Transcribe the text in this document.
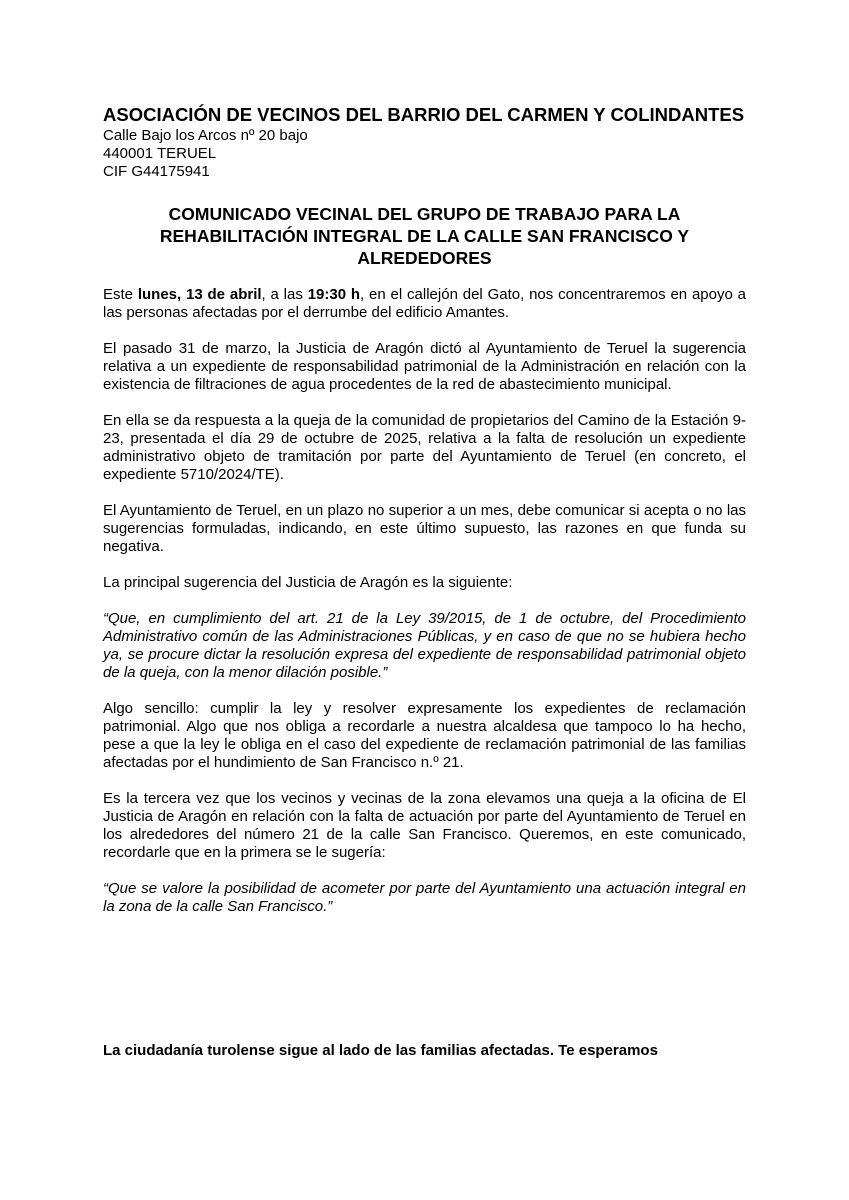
ASOCIACIÓN DE VECINOS DEL BARRIO DEL CARMEN Y COLINDANTES
Calle Bajo los Arcos nº 20 bajo
440001 TERUEL
CIF G44175941
COMUNICADO VECINAL DEL GRUPO DE TRABAJO PARA LA REHABILITACIÓN INTEGRAL DE LA CALLE SAN FRANCISCO Y ALREDEDORES

Este lunes, 13 de abril, a las 19:30 h, en el callejón del Gato, nos concentraremos en apoyo a las personas afectadas por el derrumbe del edificio Amantes.

El pasado 31 de marzo, la Justicia de Aragón dictó al Ayuntamiento de Teruel la sugerencia relativa a un expediente de responsabilidad patrimonial de la Administración en relación con la existencia de filtraciones de agua procedentes de la red de abastecimiento municipal.

En ella se da respuesta a la queja de la comunidad de propietarios del Camino de la Estación 9-23, presentada el día 29 de octubre de 2025, relativa a la falta de resolución un expediente administrativo objeto de tramitación por parte del Ayuntamiento de Teruel (en concreto, el expediente 5710/2024/TE).

El Ayuntamiento de Teruel, en un plazo no superior a un mes, debe comunicar si acepta o no las sugerencias formuladas, indicando, en este último supuesto, las razones en que funda su negativa.

La principal sugerencia del Justicia de Aragón es la siguiente:

“Que, en cumplimiento del art. 21 de la Ley 39/2015, de 1 de octubre, del Procedimiento Administrativo común de las Administraciones Públicas, y en caso de que no se hubiera hecho ya, se procure dictar la resolución expresa del expediente de responsabilidad patrimonial objeto de la queja, con la menor dilación posible.”

Algo sencillo: cumplir la ley y resolver expresamente los expedientes de reclamación patrimonial. Algo que nos obliga a recordarle a nuestra alcaldesa que tampoco lo ha hecho, pese a que la ley le obliga en el caso del expediente de reclamación patrimonial de las familias afectadas por el hundimiento de San Francisco n.º 21.

Es la tercera vez que los vecinos y vecinas de la zona elevamos una queja a la oficina de El Justicia de Aragón en relación con la falta de actuación por parte del Ayuntamiento de Teruel en los alrededores del número 21 de la calle San Francisco. Queremos, en este comunicado, recordarle que en la primera se le sugería:

“Que se valore la posibilidad de acometer por parte del Ayuntamiento una actuación integral en la zona de la calle San Francisco.”

La ciudadanía turolense sigue al lado de las familias afectadas. Te esperamos
